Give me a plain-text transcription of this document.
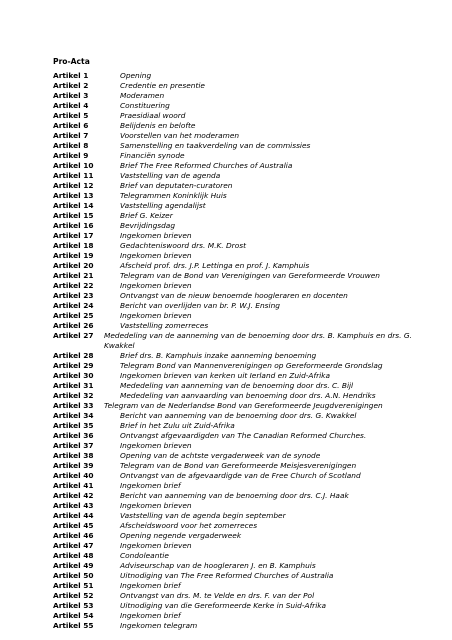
Pro-Acta
Artikel 1	Opening
Artikel 2	Credentie en presentie
Artikel 3	Moderamen
Artikel 4	Constituering
Artikel 5	Praesidiaal woord
Artikel 6	Belijdenis en belofte
Artikel 7	Voorstellen van het moderamen
Artikel 8	Samenstelling en taakverdeling van de commissies
Artikel 9	Financiën synode
Artikel 10	Brief The Free Reformed Churches of Australia
Artikel 11	Vaststelling van de agenda
Artikel 12	Brief van deputaten-curatoren
Artikel 13	Telegrammen Koninklijk Huis
Artikel 14	Vaststelling agendalijst
Artikel 15	Brief G. Keizer
Artikel 16	Bevrijdingsdag
Artikel 17	Ingekomen brieven
Artikel 18	Gedachteniswoord drs. M.K. Drost
Artikel 19	Ingekomen brieven
Artikel 20	Afscheid prof. drs. J.P. Lettinga en prof. J. Kamphuis
Artikel 21	Telegram van de Bond van Verenigingen van Gereformeerde Vrouwen
Artikel 22	Ingekomen brieven
Artikel 23	Ontvangst van de nieuw benoemde hoogleraren en docenten
Artikel 24	Bericht van overlijden van br. P. W.J. Ensing
Artikel 25	Ingekomen brieven
Artikel 26	Vaststelling zomerreces
Artikel 27	Mededeling van de aanneming van de benoeming door drs. B. Kamphuis en drs. G. Kwakkel
Artikel 28	Brief drs. B. Kamphuis inzake aanneming benoeming
Artikel 29	Telegram Bond van Mannenverenigingen op Gereformeerde Grondslag
Artikel 30	Ingekomen brieven van kerken uit Ierland en Zuid-Afrika
Artikel 31	Mededeling van aanneming van de benoeming door drs. C. Bijl
Artikel 32	Mededeling van aanvaarding van benoeming door drs. A.N. Hendriks
Artikel 33	Telegram van de Nederlandse Bond van Gereformeerde Jeugdverenigingen
Artikel 34	Bericht van aanneming van de benoeming door drs. G. Kwakkel
Artikel 35	Brief in het Zulu uit Zuid-Afrika
Artikel 36	Ontvangst afgevaardigden van The Canadian Reformed Churches.
Artikel 37	Ingekomen brieven
Artikel 38	Opening van de achtste vergaderweek van de synode
Artikel 39	Telegram van de Bond van Gereformeerde Meisjesverenigingen
Artikel 40	Ontvangst van de afgevaardigde van de Free Church of Scotland
Artikel 41	Ingekomen brief
Artikel 42	Bericht van aanneming van de benoeming door drs. C.J. Haak
Artikel 43	Ingekomen brieven
Artikel 44	Vaststelling van de agenda begin september
Artikel 45	Afscheidswoord voor het zomerreces
Artikel 46	Opening negende vergaderweek
Artikel 47	Ingekomen brieven
Artikel 48	Condoleantie
Artikel 49	Adviseurschap van de hoogleraren J. en B. Kamphuis
Artikel 50	Uitnodiging van The Free Reformed Churches of Australia
Artikel 51	Ingekomen brief
Artikel 52	Ontvangst van drs. M. te Velde en drs. F. van der Pol
Artikel 53	Uitnodiging van die Gereformeerde Kerke in Suid-Afrika
Artikel 54	Ingekomen brief
Artikel 55	Ingekomen telegram
